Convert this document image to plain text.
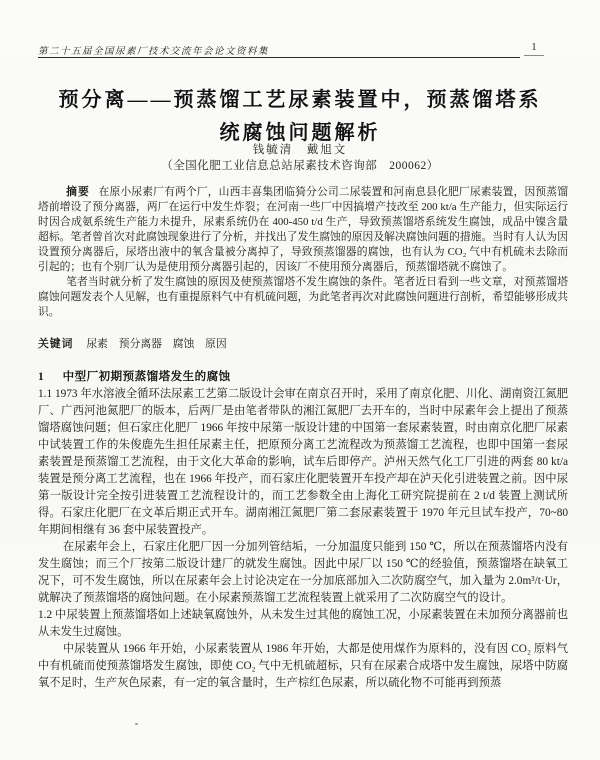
第二十五届全国尿素厂技术交流年会论文资料集	1
预分离——预蒸馏工艺尿素装置中，预蒸馏塔系
统腐蚀问题解析
钱毓清　戴旭文
（全国化肥工业信息总站尿素技术咨询部　200062）

摘要 在原小尿素厂有两个厂，山西丰喜集团临猗分公司二尿装置和河南息县化肥厂尿素装置，因预蒸馏塔前增设了预分离器，两厂在运行中发生炸裂；在河南一些厂中因搞增产技改至 200 kt/a 生产能力，但实际运行时因合成氨系统生产能力未提升，尿素系统仍在 400-450 t/d 生产，导致预蒸馏塔系统发生腐蚀，成品中镍含量超标。笔者曾首次对此腐蚀现象进行了分析，并找出了发生腐蚀的原因及解决腐蚀问题的措施。当时有人认为因设置预分离器后，尿塔出液中的氧含量被分离掉了，导致预蒸馏器的腐蚀，也有认为 CO₂ 气中有机硫未去除而引起的；也有个别厂认为是使用预分离器引起的，因该厂不使用预分离器后，预蒸馏塔就不腐蚀了。

笔者当时就分析了发生腐蚀的原因及使预蒸馏塔不发生腐蚀的条件。笔者近日看到一些文章，对预蒸馏塔腐蚀问题发表个人见解，也有重提原料气中有机硫问题，为此笔者再次对此腐蚀问题进行剖析，希望能够形成共识。

关键词 尿素　预分离器　腐蚀　原因
1 中型厂初期预蒸馏塔发生的腐蚀

1.1 1973 年水溶液全循环法尿素工艺第二版设计会审在南京召开时，采用了南京化肥、川化、湖南资江氮肥厂、广西河池氮肥厂的版本，后两厂是由笔者带队的湘江氮肥厂去开车的，当时中尿素年会上提出了预蒸馏塔腐蚀问题；但石家庄化肥厂 1966 年按中尿第一版设计建的中国第一套尿素装置，时由南京化肥厂尿素中试装置工作的朱俊鹿先生担任尿素主任，把原预分离工艺流程改为预蒸馏工艺流程，也即中国第一套尿素装置是预蒸馏工艺流程，由于文化大革命的影响，试车后即停产。泸州天然气化工厂引进的两套 80 kt/a 装置是预分离工艺流程，也在 1966 年投产，而石家庄化肥装置开车投产却在泸天化引进装置之前。因中尿第一版设计完全按引进装置工艺流程设计的，而工艺参数全由上海化工研究院提前在 2 t/d 装置上测试所得。石家庄化肥厂在文革后期正式开车。湖南湘江氮肥厂第二套尿素装置于 1970 年元旦试车投产，70~80 年期间相继有 36 套中尿装置投产。

在尿素年会上，石家庄化肥厂因一分加列管结垢，一分加温度只能到 150 ℃，所以在预蒸馏塔内没有发生腐蚀；而三个厂按第二版设计建厂的就发生腐蚀。因此中尿厂以 150 ℃的经验值，预蒸馏塔在缺氧工况下，可不发生腐蚀，所以在尿素年会上讨论决定在一分加底部加入二次防腐空气，加入量为 2.0m³/t·Ur，就解决了预蒸馏塔的腐蚀问题。在小尿素预蒸馏工艺流程装置上就采用了二次防腐空气的设计。

1.2 中尿装置上预蒸馏塔如上述缺氧腐蚀外，从未发生过其他的腐蚀工况，小尿素装置在未加预分离器前也从未发生过腐蚀。

中尿装置从 1966 年开始，小尿素装置从 1986 年开始，大都是使用煤作为原料的，没有因 CO₂ 原料气中有机硫而使预蒸馏塔发生腐蚀，即使 CO₂ 气中无机硫超标，只有在尿素合成塔中发生腐蚀，尿塔中防腐氧不足时，生产灰色尿素，有一定的氧含量时，生产棕红色尿素，所以硫化物不可能再到预蒸
